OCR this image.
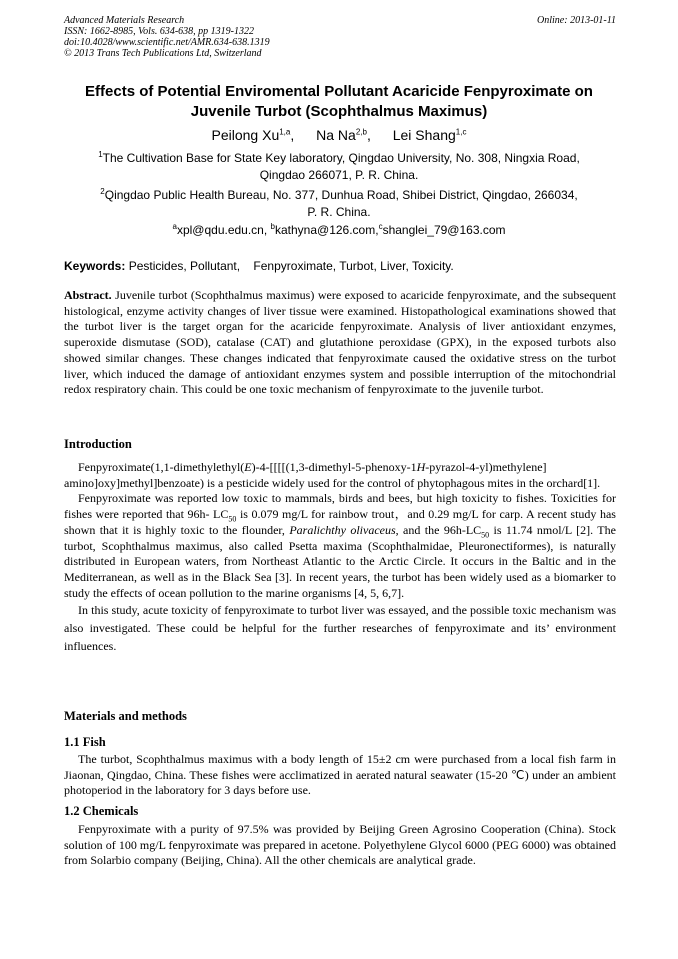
Advanced Materials Research	Online: 2013-01-11
ISSN: 1662-8985, Vols. 634-638, pp 1319-1322
doi:10.4028/www.scientific.net/AMR.634-638.1319
© 2013 Trans Tech Publications Ltd, Switzerland
Effects of Potential Enviromental Pollutant Acaricide Fenpyroximate on
Juvenile Turbot (Scophthalmus Maximus)
Peilong Xu$^{1,a}$, Na Na$^{2,b}$, Lei Shang$^{1,c}$
$^1$The Cultivation Base for State Key laboratory, Qingdao University, No. 308, Ningxia Road,
Qingdao 266071, P. R. China.
$^2$Qingdao Public Health Bureau, No. 377, Dunhua Road, Shibei District, Qingdao, 266034,
P. R. China.
$^a$xpl@qdu.edu.cn, $^b$kathyna@126.com,$^c$shanglei_79@163.com
Keywords: Pesticides, Pollutant,    Fenpyroximate, Turbot, Liver, Toxicity.

Abstract. Juvenile turbot (Scophthalmus maximus) were exposed to acaricide fenpyroximate, and the subsequent histological, enzyme activity changes of liver tissue were examined. Histopathological examinations showed that the turbot liver is the target organ for the acaricide fenpyroximate. Analysis of liver antioxidant enzymes, superoxide dismutase (SOD), catalase (CAT) and glutathione peroxidase (GPX), in the exposed turbots also showed similar changes. These changes indicated that fenpyroximate caused the oxidative stress on the turbot liver, which induced the damage of antioxidant enzymes system and possible interruption of the mitochondrial redox respiratory chain. This could be one toxic mechanism of fenpyroximate to the juvenile turbot.

Introduction

Fenpyroximate(1,1-dimethylethyl(E)-4-[[[[(1,3-dimethyl-5-phenoxy-1H-pyrazol-4-yl)methylene] amino]oxy]methyl]benzoate) is a pesticide widely used for the control of phytophagous mites in the orchard[1].

Fenpyroximate was reported low toxic to mammals, birds and bees, but high toxicity to fishes. Toxicities for fishes were reported that 96h- $LC_{50}$ is 0.079 mg/L for rainbow trout，and 0.29 mg/L for carp. A recent study has shown that it is highly toxic to the flounder, Paralichthy olivaceus, and the $96h-LC_{50}$ is 11.74 nmol/L [2]. The turbot, Scophthalmus maximus, also called Psetta maxima (Scophthalmidae, Pleuronectiformes), is naturally distributed in European waters, from Northeast Atlantic to the Arctic Circle. It occurs in the Baltic and in the Mediterranean, as well as in the Black Sea [3]. In recent years, the turbot has been widely used as a biomarker to study the effects of ocean pollution to the marine organisms [4, 5, 6,7].

In this study, acute toxicity of fenpyroximate to turbot liver was essayed, and the possible toxic mechanism was also investigated. These could be helpful for the further researches of fenpyroximate and its’ environment influences.

Materials and methods
1.1 Fish

The turbot, Scophthalmus maximus with a body length of 15±2 cm were purchased from a local fish farm in Jiaonan, Qingdao, China. These fishes were acclimatized in aerated natural seawater (15-20 ℃) under an ambient photoperiod in the laboratory for 3 days before use.

1.2 Chemicals

Fenpyroximate with a purity of 97.5% was provided by Beijing Green Agrosino Cooperation (China). Stock solution of 100 mg/L fenpyroximate was prepared in acetone. Polyethylene Glycol 6000 (PEG 6000) was obtained from Solarbio company (Beijing, China). All the other chemicals are analytical grade.
